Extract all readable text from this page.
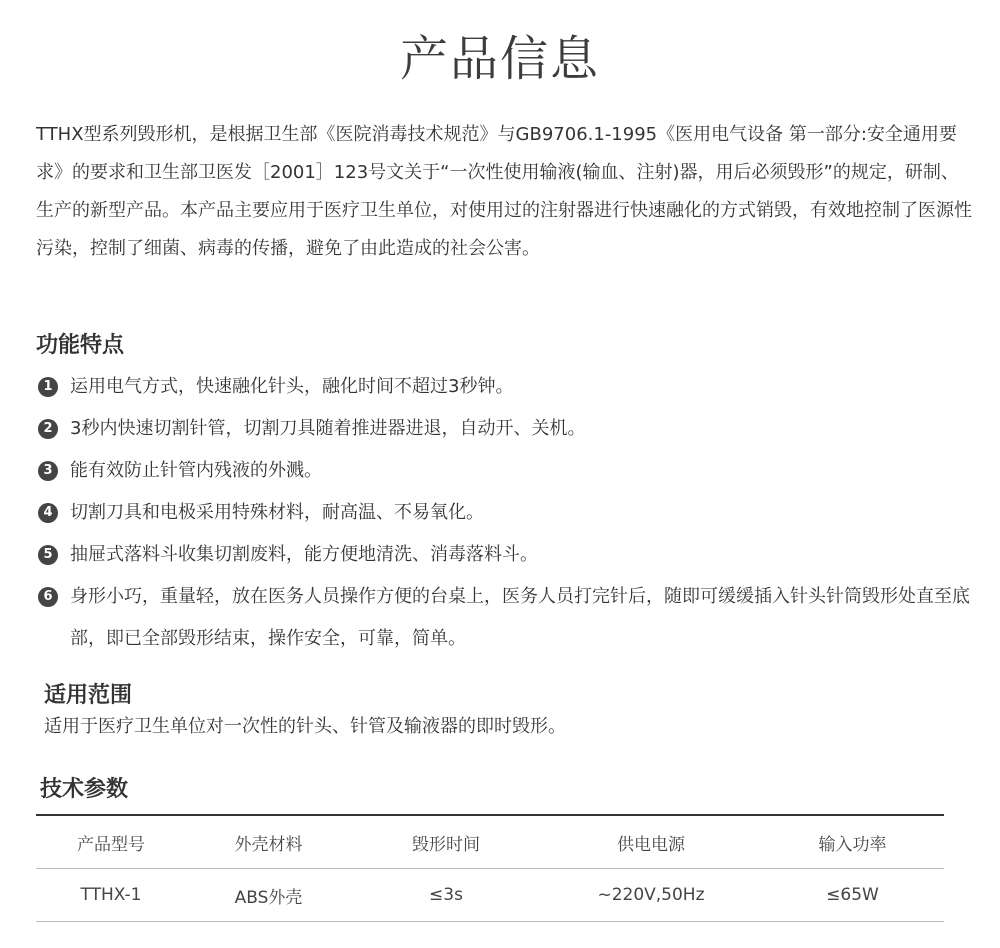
产品信息

TTHX型系列毁形机，是根据卫生部《医院消毒技术规范》与GB9706.1-1995《医用电气设备 第一部分:安全通用要求》的要求和卫生部卫医发［2001］123号文关于“一次性使用输液(输血、注射)器，用后必须毁形”的规定，研制、生产的新型产品。本产品主要应用于医疗卫生单位，对使用过的注射器进行快速融化的方式销毁，有效地控制了医源性污染，控制了细菌、病毒的传播，避免了由此造成的社会公害。

功能特点
1 运用电气方式，快速融化针头，融化时间不超过3秒钟。
2 3秒内快速切割针管，切割刀具随着推进器进退，自动开、关机。
3 能有效防止针管内残液的外溅。
4 切割刀具和电极采用特殊材料，耐高温、不易氧化。
5 抽屉式落料斗收集切割废料，能方便地清洗、消毒落料斗。
6 身形小巧，重量轻，放在医务人员操作方便的台桌上，医务人员打完针后，随即可缓缓插入针头针筒毁形处直至底部，即已全部毁形结束，操作安全，可靠，简单。
适用范围

适用于医疗卫生单位对一次性的针头、针管及输液器的即时毁形。

技术参数
产品型号	外壳材料	毁形时间	供电电源	输入功率
TTHX-1	ABS外壳	≤3s	~220V,50Hz	≤65W
